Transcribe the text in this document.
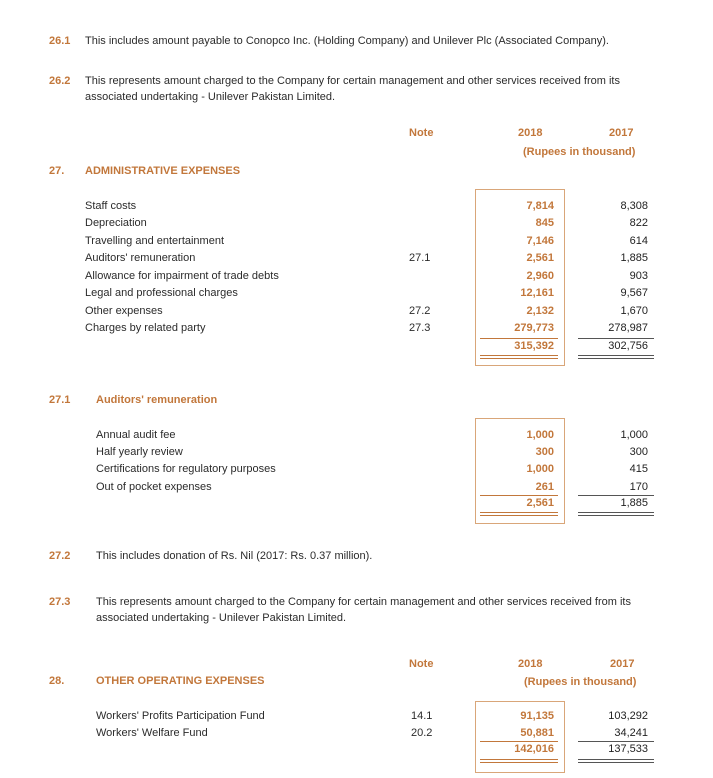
26.1 This includes amount payable to Conopco Inc. (Holding Company) and Unilever Plc (Associated Company).
26.2 This represents amount charged to the Company for certain management and other services received from its
associated undertaking - Unilever Pakistan Limited.
Note	2018	2017
(Rupees in thousand)
27. ADMINISTRATIVE EXPENSES
Staff costs	7,814	8,308
Depreciation	845	822
Travelling and entertainment	7,146	614
Auditors' remuneration	27.1	2,561	1,885
Allowance for impairment of trade debts	2,960	903
Legal and professional charges	12,161	9,567
Other expenses	27.2	2,132	1,670
Charges by related party	27.3	279,773	278,987
315,392	302,756
27.1 Auditors' remuneration
Annual audit fee	1,000	1,000
Half yearly review	300	300
Certifications for regulatory purposes	1,000	415
Out of pocket expenses	261	170
2,561	1,885
27.2 This includes donation of Rs. Nil (2017: Rs. 0.37 million).
27.3 This represents amount charged to the Company for certain management and other services received from its
associated undertaking - Unilever Pakistan Limited.
Note	2018	2017
(Rupees in thousand)
28.	OTHER OPERATING EXPENSES
Workers' Profits Participation Fund	14.1	91,135	103,292
Workers' Welfare Fund	20.2	50,881	34,241
142,016	137,533
